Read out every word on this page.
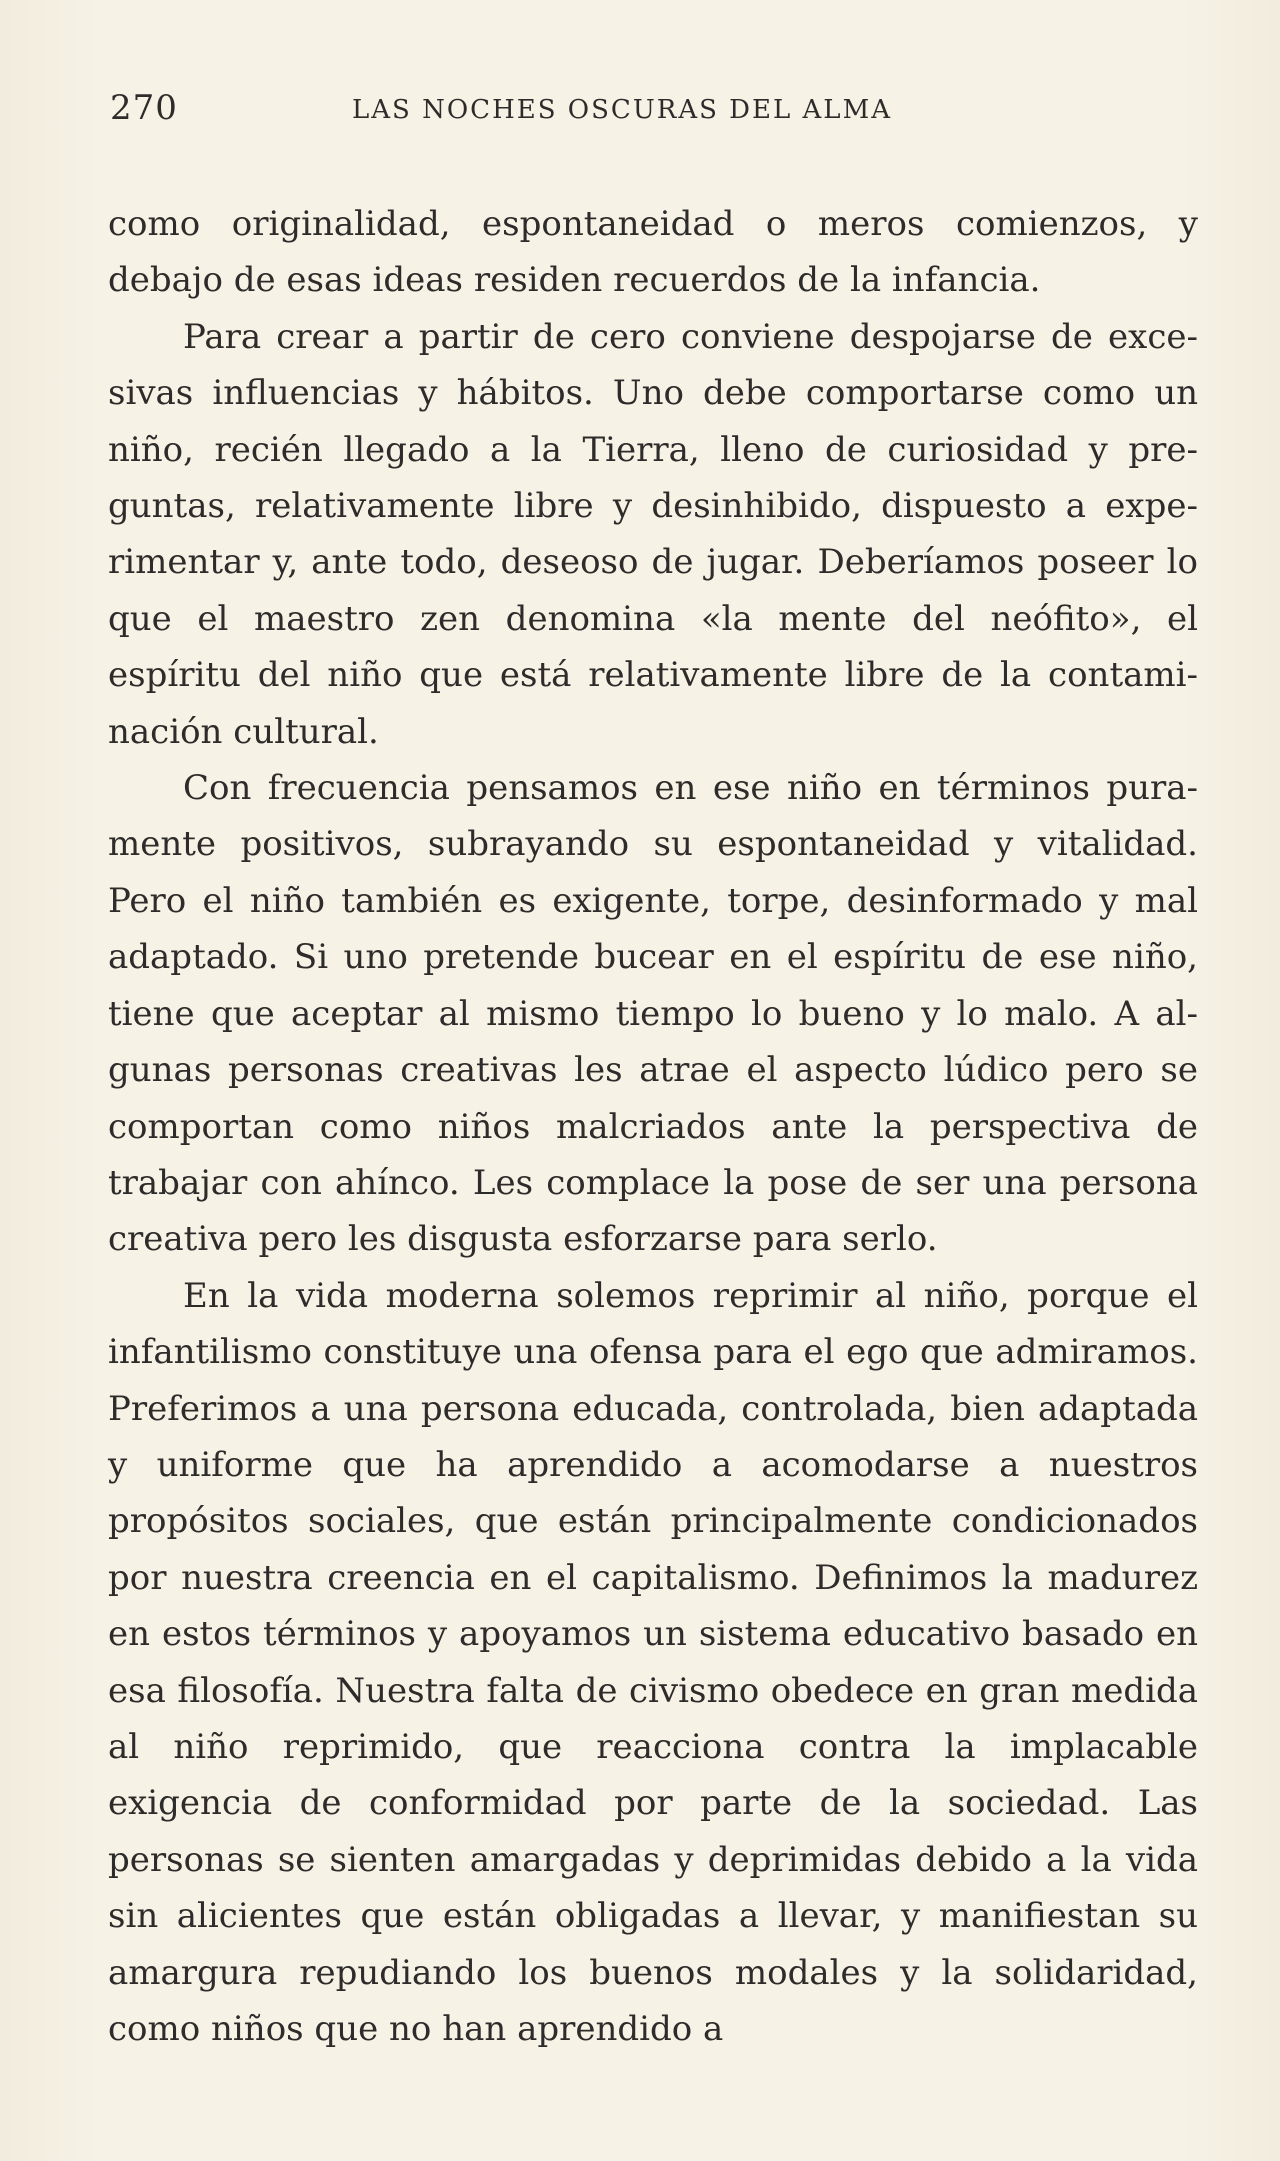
270	LAS NOCHES OSCURAS DEL ALMA

como originalidad, espontaneidad o meros comienzos, y debajo de esas ideas residen recuerdos de la infancia.

Para crear a partir de cero conviene despojarse de excesivas influencias y hábitos. Uno debe comportarse como un niño, recién llegado a la Tierra, lleno de curiosidad y preguntas, relativamente libre y desinhibido, dispuesto a experimentar y, ante todo, deseoso de jugar. Deberíamos poseer lo que el maestro zen denomina «la mente del neófito», el espíritu del niño que está relativamente libre de la contaminación cultural.

Con frecuencia pensamos en ese niño en términos puramente positivos, subrayando su espontaneidad y vitalidad. Pero el niño también es exigente, torpe, desinformado y mal adaptado. Si uno pretende bucear en el espíritu de ese niño, tiene que aceptar al mismo tiempo lo bueno y lo malo. A algunas personas creativas les atrae el aspecto lúdico pero se comportan como niños malcriados ante la perspectiva de trabajar con ahínco. Les complace la pose de ser una persona creativa pero les disgusta esforzarse para serlo.

En la vida moderna solemos reprimir al niño, porque el infantilismo constituye una ofensa para el ego que admiramos. Preferimos a una persona educada, controlada, bien adaptada y uniforme que ha aprendido a acomodarse a nuestros propósitos sociales, que están principalmente condicionados por nuestra creencia en el capitalismo. Definimos la madurez en estos términos y apoyamos un sistema educativo basado en esa filosofía. Nuestra falta de civismo obedece en gran medida al niño reprimido, que reacciona contra la implacable exigencia de conformidad por parte de la sociedad. Las personas se sienten amargadas y deprimidas debido a la vida sin alicientes que están obligadas a llevar, y manifiestan su amargura repudiando los buenos modales y la solidaridad, como niños que no han aprendido a
